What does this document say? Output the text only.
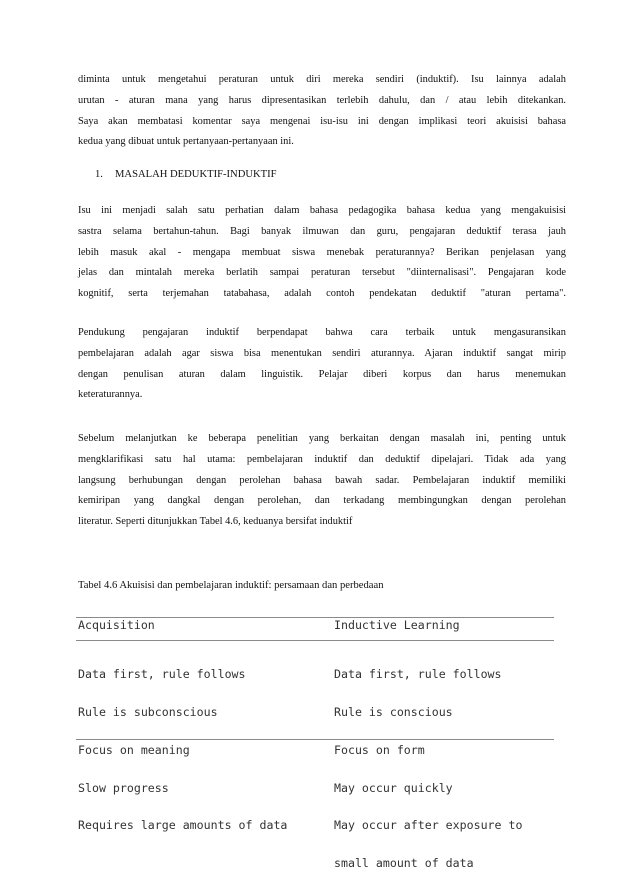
diminta untuk mengetahui peraturan untuk diri mereka sendiri (induktif). Isu lainnya adalah
urutan - aturan mana yang harus dipresentasikan terlebih dahulu, dan / atau lebih ditekankan.
Saya akan membatasi komentar saya mengenai isu-isu ini dengan implikasi teori akuisisi bahasa
kedua yang dibuat untuk pertanyaan-pertanyaan ini.

1. MASALAH DEDUKTIF-INDUKTIF

Isu ini menjadi salah satu perhatian dalam bahasa pedagogika bahasa kedua yang mengakuisisi
sastra selama bertahun-tahun. Bagi banyak ilmuwan dan guru, pengajaran deduktif terasa jauh
lebih masuk akal - mengapa membuat siswa menebak peraturannya? Berikan penjelasan yang
jelas dan mintalah mereka berlatih sampai peraturan tersebut "diinternalisasi". Pengajaran kode
kognitif, serta terjemahan tatabahasa, adalah contoh pendekatan deduktif "aturan pertama".

Pendukung pengajaran induktif berpendapat bahwa cara terbaik untuk mengasuransikan
pembelajaran adalah agar siswa bisa menentukan sendiri aturannya. Ajaran induktif sangat mirip
dengan penulisan aturan dalam linguistik. Pelajar diberi korpus dan harus menemukan
keteraturannya.

Sebelum melanjutkan ke beberapa penelitian yang berkaitan dengan masalah ini, penting untuk
mengklarifikasi satu hal utama: pembelajaran induktif dan deduktif dipelajari. Tidak ada yang
langsung berhubungan dengan perolehan bahasa bawah sadar. Pembelajaran induktif memiliki
kemiripan yang dangkal dengan perolehan, dan terkadang membingungkan dengan perolehan
literatur. Seperti ditunjukkan Tabel 4.6, keduanya bersifat induktif

Tabel 4.6 Akuisisi dan pembelajaran induktif: persamaan dan perbedaan

Acquisition	Inductive Learning

Data first, rule follows

Rule is subconscious

Focus on meaning

Slow progress

Requires large amounts of data

Data first, rule follows

Rule is conscious

Focus on form

May occur quickly

May occur after exposure to

small amount of data
